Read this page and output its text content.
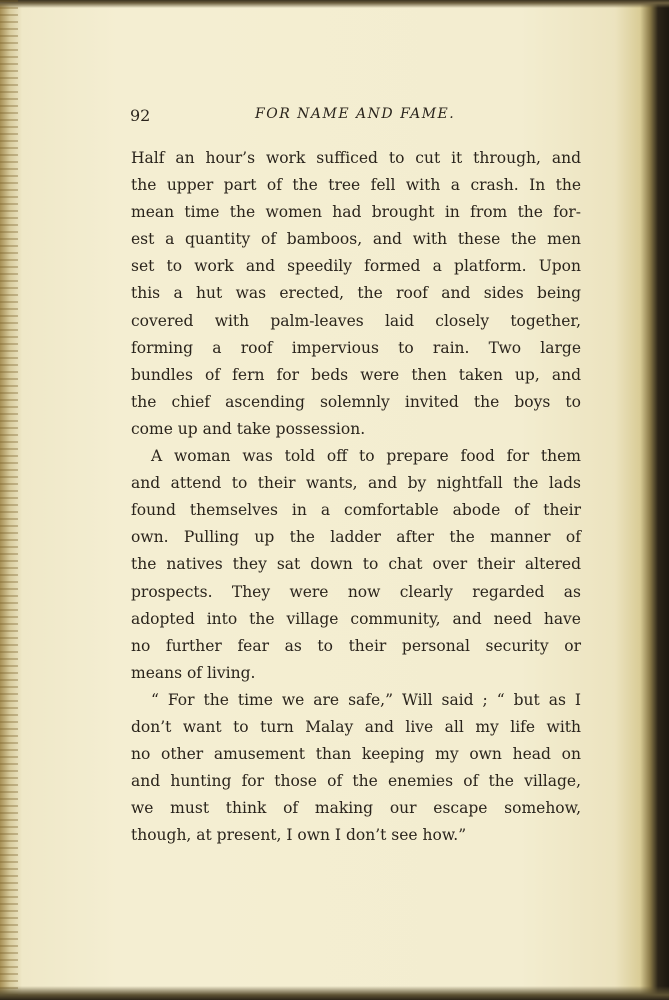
92	FOR NAME AND FAME.
Half an hour’s work sufficed to cut it through, and
the upper part of the tree fell with a crash. In the
mean time the women had brought in from the for-
est a quantity of bamboos, and with these the men
set to work and speedily formed a platform. Upon
this a hut was erected, the roof and sides being
covered with palm-leaves laid closely together,
forming a roof impervious to rain. Two large
bundles of fern for beds were then taken up, and
the chief ascending solemnly invited the boys to
come up and take possession.
A woman was told off to prepare food for them
and attend to their wants, and by nightfall the lads
found themselves in a comfortable abode of their
own. Pulling up the ladder after the manner of
the natives they sat down to chat over their altered
prospects. They were now clearly regarded as
adopted into the village community, and need have
no further fear as to their personal security or
means of living.
“ For the time we are safe,” Will said ; “ but as I
don’t want to turn Malay and live all my life with
no other amusement than keeping my own head on
and hunting for those of the enemies of the village,
we must think of making our escape somehow,
though, at present, I own I don’t see how.”
